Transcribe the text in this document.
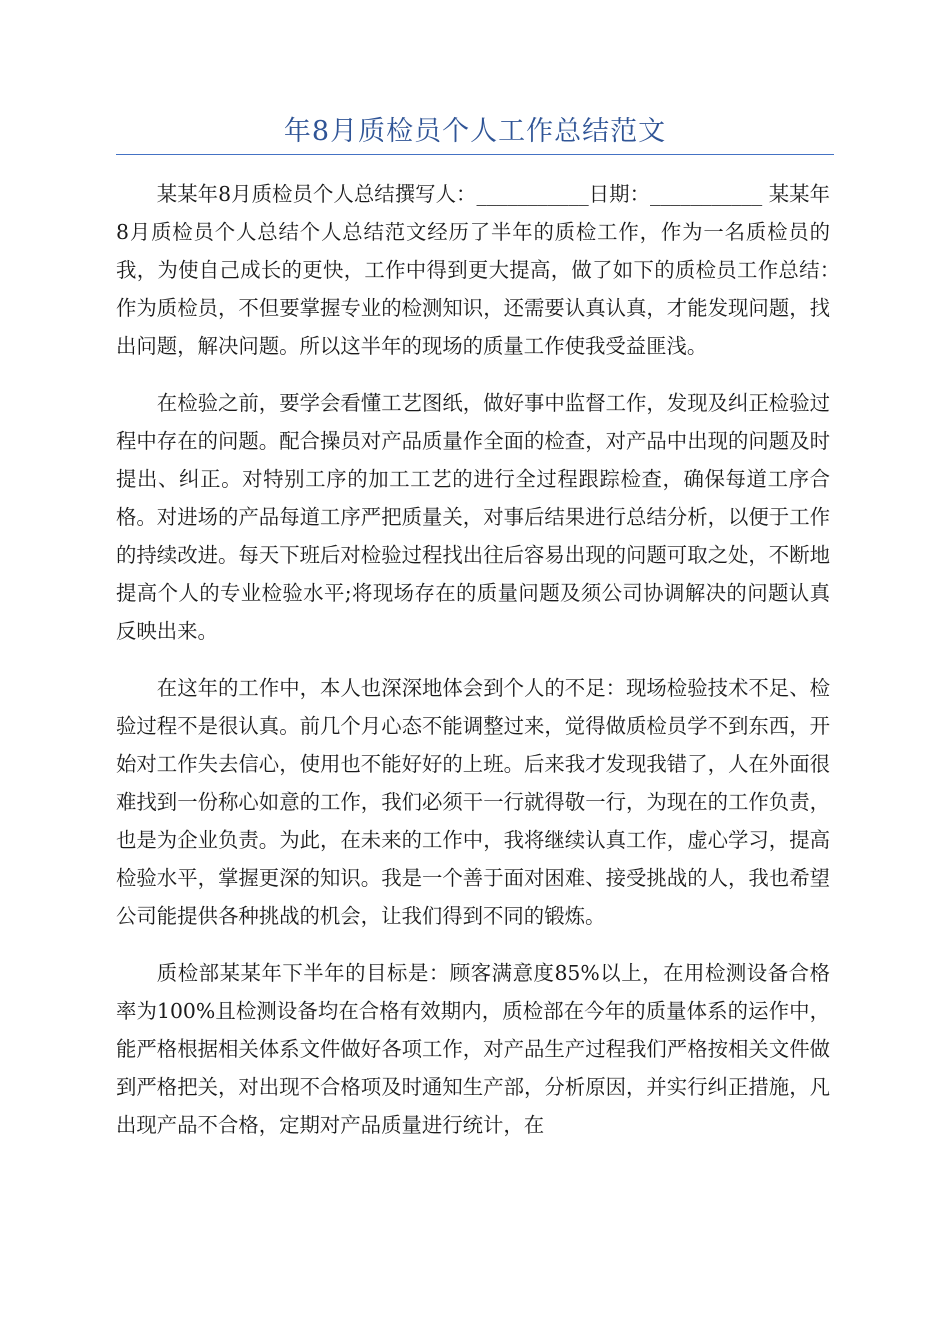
年8月质检员个人工作总结范文

某某年8月质检员个人总结撰写人：___________日期：___________ 某某年8月质检员个人总结个人总结范文经历了半年的质检工作，作为一名质检员的我，为使自己成长的更快，工作中得到更大提高，做了如下的质检员工作总结：　作为质检员，不但要掌握专业的检测知识，还需要认真认真，才能发现问题，找出问题，解决问题。所以这半年的现场的质量工作使我受益匪浅。

在检验之前，要学会看懂工艺图纸，做好事中监督工作，发现及纠正检验过程中存在的问题。配合操员对产品质量作全面的检查，对产品中出现的问题及时提出、纠正。对特别工序的加工工艺的进行全过程跟踪检查，确保每道工序合格。对进场的产品每道工序严把质量关，对事后结果进行总结分析，以便于工作的持续改进。每天下班后对检验过程找出往后容易出现的问题可取之处，不断地提高个人的专业检验水平;将现场存在的质量问题及须公司协调解决的问题认真反映出来。

在这年的工作中，本人也深深地体会到个人的不足：现场检验技术不足、检验过程不是很认真。前几个月心态不能调整过来，觉得做质检员学不到东西，开始对工作失去信心，使用也不能好好的上班。后来我才发现我错了，人在外面很难找到一份称心如意的工作，我们必须干一行就得敬一行，为现在的工作负责，也是为企业负责。为此，在未来的工作中，我将继续认真工作，虚心学习，提高检验水平，掌握更深的知识。我是一个善于面对困难、接受挑战的人，我也希望公司能提供各种挑战的机会，让我们得到不同的锻炼。

质检部某某年下半年的目标是：顾客满意度85%以上，在用检测设备合格率为100%且检测设备均在合格有效期内，质检部在今年的质量体系的运作中，能严格根据相关体系文件做好各项工作，对产品生产过程我们严格按相关文件做到严格把关，对出现不合格项及时通知生产部，分析原因，并实行纠正措施，凡出现产品不合格，定期对产品质量进行统计，在
